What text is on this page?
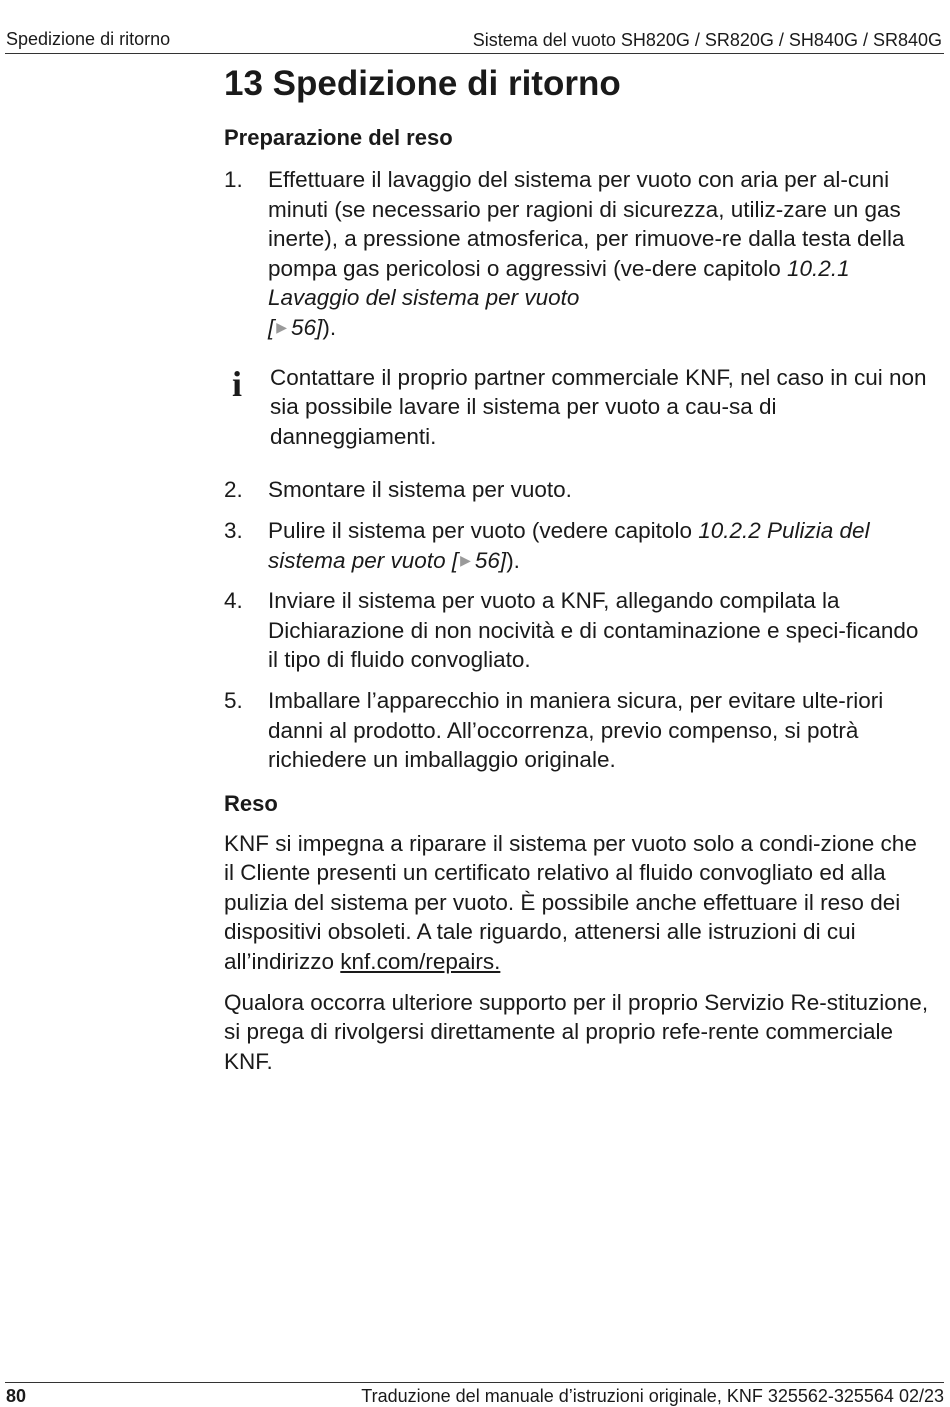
Spedizione di ritorno	Sistema del vuoto SH820G / SR820G / SH840G / SR840G
13 Spedizione di ritorno
Preparazione del reso
1. Effettuare il lavaggio del sistema per vuoto con aria per al-cuni minuti (se necessario per ragioni di sicurezza, utiliz-zare un gas inerte), a pressione atmosferica, per rimuove-re dalla testa della pompa gas pericolosi o aggressivi (ve-dere capitolo 10.2.1 Lavaggio del sistema per vuoto
[ ▶ 56]).
i Contattare il proprio partner commerciale KNF, nel caso in cui non sia possibile lavare il sistema per vuoto a cau-sa di danneggiamenti.
2. Smontare il sistema per vuoto.
3. Pulire il sistema per vuoto (vedere capitolo 10.2.2 Pulizia del sistema per vuoto [ ▶ 56]).
4. Inviare il sistema per vuoto a KNF, allegando compilata la Dichiarazione di non nocività e di contaminazione e speci-ficando il tipo di fluido convogliato.
5. Imballare l’apparecchio in maniera sicura, per evitare ulte-riori danni al prodotto. All’occorrenza, previo compenso, si potrà richiedere un imballaggio originale.
Reso

KNF si impegna a riparare il sistema per vuoto solo a condi-zione che il Cliente presenti un certificato relativo al fluido convogliato ed alla pulizia del sistema per vuoto. È possibile anche effettuare il reso dei dispositivi obsoleti. A tale riguardo, attenersi alle istruzioni di cui all’indirizzo knf.com/repairs.

Qualora occorra ulteriore supporto per il proprio Servizio Re-stituzione, si prega di rivolgersi direttamente al proprio refe-rente commerciale KNF.

80	Traduzione del manuale d’istruzioni originale, KNF 325562-325564 02/23
